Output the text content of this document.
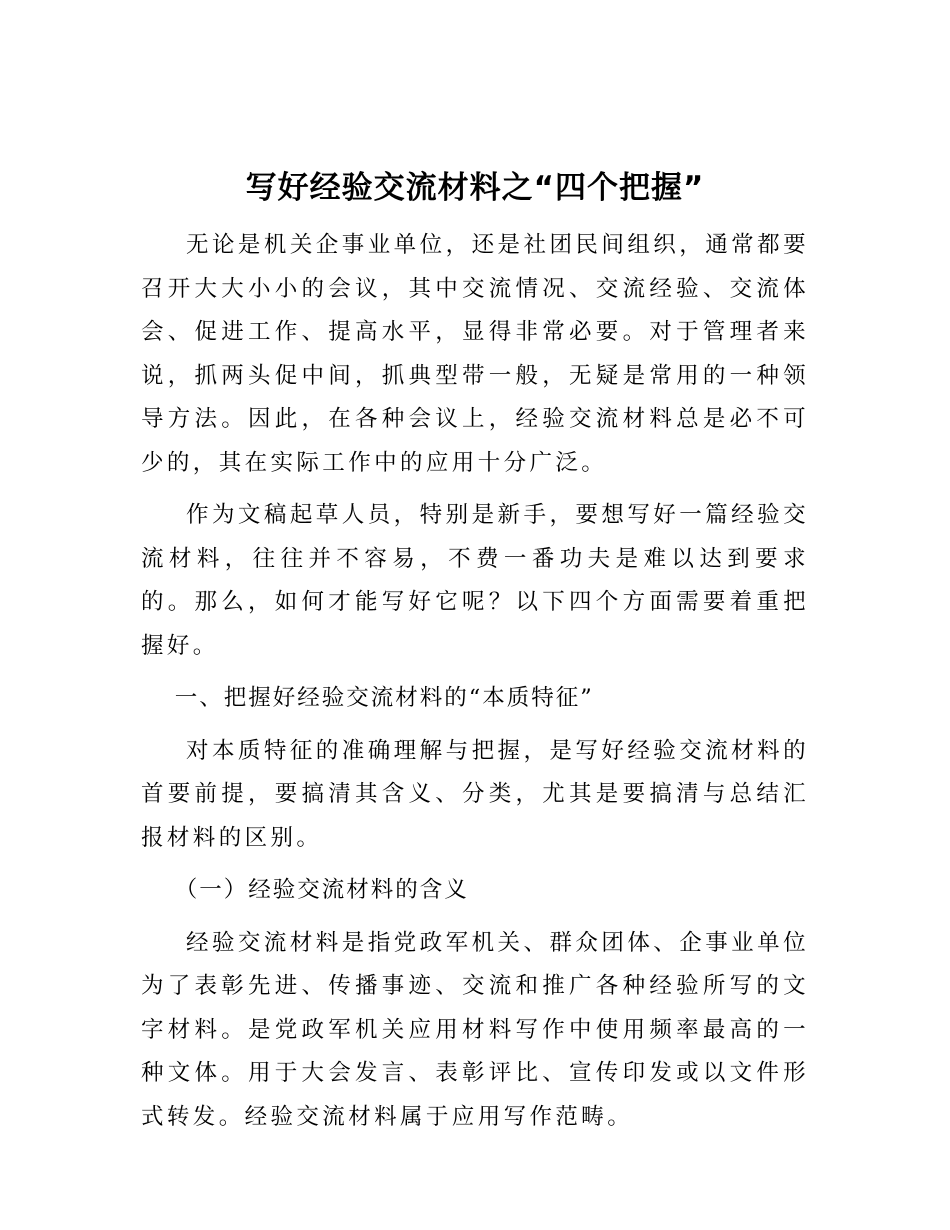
写好经验交流材料之“四个把握”

无论是机关企事业单位，还是社团民间组织，通常都要召开大大小小的会议，其中交流情况、交流经验、交流体会、促进工作、提高水平，显得非常必要。对于管理者来说，抓两头促中间，抓典型带一般，无疑是常用的一种领导方法。因此，在各种会议上，经验交流材料总是必不可少的，其在实际工作中的应用十分广泛。

作为文稿起草人员，特别是新手，要想写好一篇经验交流材料，往往并不容易，不费一番功夫是难以达到要求的。那么，如何才能写好它呢？以下四个方面需要着重把握好。

一、把握好经验交流材料的“本质特征”

对本质特征的准确理解与把握，是写好经验交流材料的首要前提，要搞清其含义、分类，尤其是要搞清与总结汇报材料的区别。

（一）经验交流材料的含义

经验交流材料是指党政军机关、群众团体、企事业单位为了表彰先进、传播事迹、交流和推广各种经验所写的文字材料。是党政军机关应用材料写作中使用频率最高的一种文体。用于大会发言、表彰评比、宣传印发或以文件形式转发。经验交流材料属于应用写作范畴。
